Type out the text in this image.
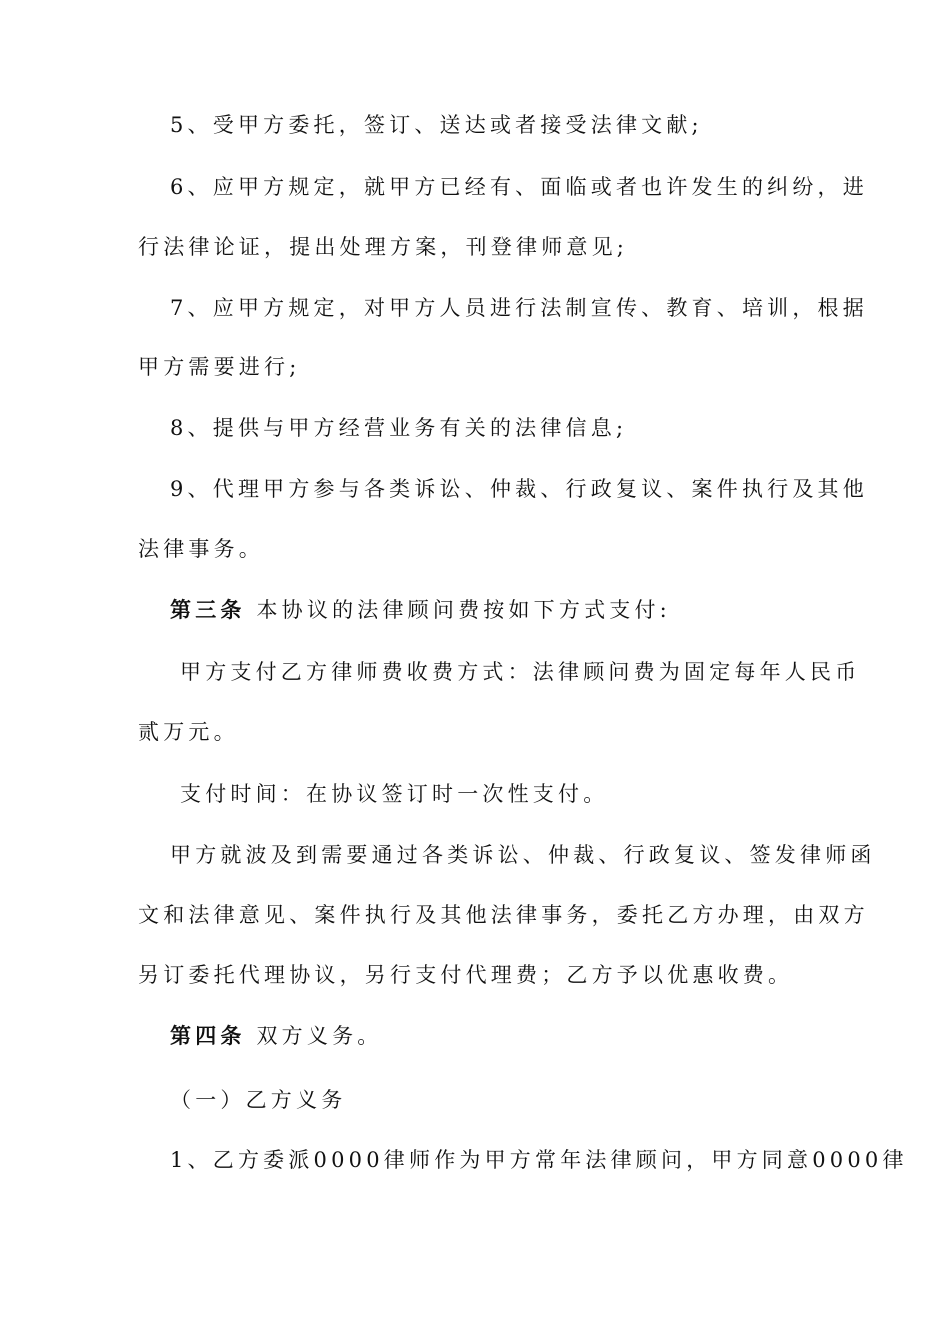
5、受甲方委托，签订、送达或者接受法律文献;
6、应甲方规定，就甲方已经有、面临或者也许发生的纠纷，进
行法律论证，提出处理方案，刊登律师意见;
7、应甲方规定，对甲方人员进行法制宣传、教育、培训，根据
甲方需要进行;
8、提供与甲方经营业务有关的法律信息;
9、代理甲方参与各类诉讼、仲裁、行政复议、案件执行及其他
法律事务。
第三条 本协议的法律顾问费按如下方式支付:
甲方支付乙方律师费收费方式：法律顾问费为固定每年人民币
贰万元。
支付时间：在协议签订时一次性支付。
甲方就波及到需要通过各类诉讼、仲裁、行政复议、签发律师函
文和法律意见、案件执行及其他法律事务，委托乙方办理，由双方
另订委托代理协议，另行支付代理费；乙方予以优惠收费。
第四条 双方义务。
（一）乙方义务
1、乙方委派0000律师作为甲方常年法律顾问，甲方同意0000律
